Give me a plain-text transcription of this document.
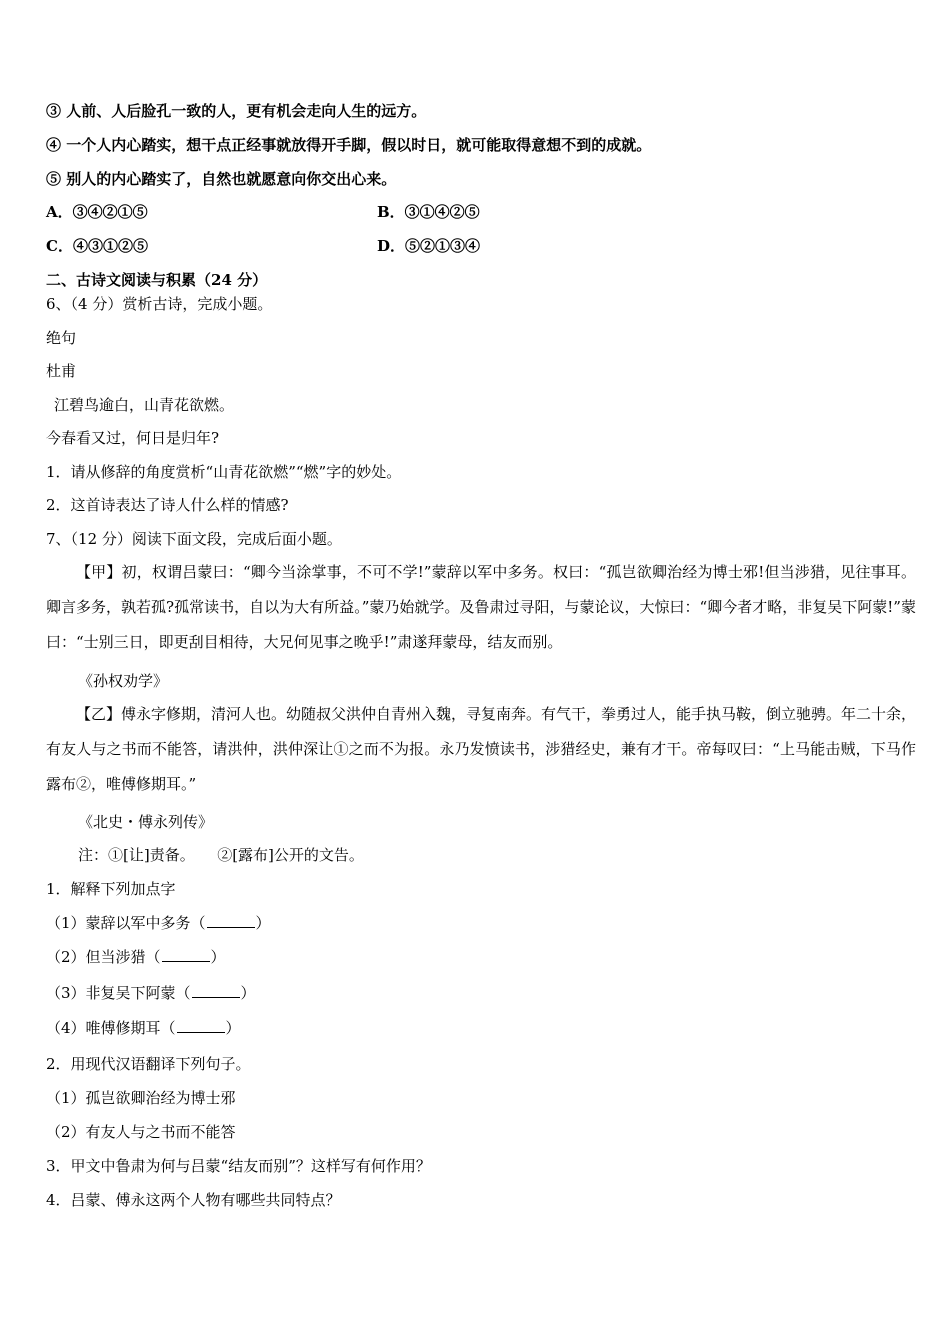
③ 人前、人后脸孔一致的人，更有机会走向人生的远方。
④ 一个人内心踏实，想干点正经事就放得开手脚，假以时日，就可能取得意想不到的成就。
⑤ 别人的内心踏实了，自然也就愿意向你交出心来。
A．③④②①⑤	B．③①④②⑤
C．④③①②⑤	D．⑤②①③④
二、古诗文阅读与积累（24 分）
6、（4 分）赏析古诗，完成小题。
绝句
杜甫
江碧鸟逾白，山青花欲燃。
今春看又过，何日是归年?
1．请从修辞的角度赏析“山青花欲燃”“燃”字的妙处。
2．这首诗表达了诗人什么样的情感?
7、（12 分）阅读下面文段，完成后面小题。

【甲】初，权谓吕蒙曰：“卿今当涂掌事，不可不学!”蒙辞以军中多务。权曰：“孤岂欲卿治经为博士邪!但当涉猎，见往事耳。卿言多务，孰若孤?孤常读书，自以为大有所益。”蒙乃始就学。及鲁肃过寻阳，与蒙论议，大惊曰：“卿今者才略，非复吴下阿蒙!”蒙曰：“士别三日，即更刮目相待，大兄何见事之晚乎!”肃遂拜蒙母，结友而别。

《孙权劝学》

【乙】傅永字修期，清河人也。幼随叔父洪仲自青州入魏，寻复南奔。有气干，拳勇过人，能手执马鞍，倒立驰骋。年二十余，有友人与之书而不能答，请洪仲，洪仲深让①之而不为报。永乃发愤读书，涉猎经史，兼有才干。帝每叹曰：“上马能击贼，下马作露布②，唯傅修期耳。”

《北史・傅永列传》
注：①[让]责备。　　②[露布]公开的文告。
1．解释下列加点字
（1）蒙辞以军中多务（	）
（2）但当涉猎（	）
（3）非复吴下阿蒙（	）
（4）唯傅修期耳（	）
2．用现代汉语翻译下列句子。
（1）孤岂欲卿治经为博士邪
（2）有友人与之书而不能答
3．甲文中鲁肃为何与吕蒙“结友而别”？这样写有何作用？
4．吕蒙、傅永这两个人物有哪些共同特点？
